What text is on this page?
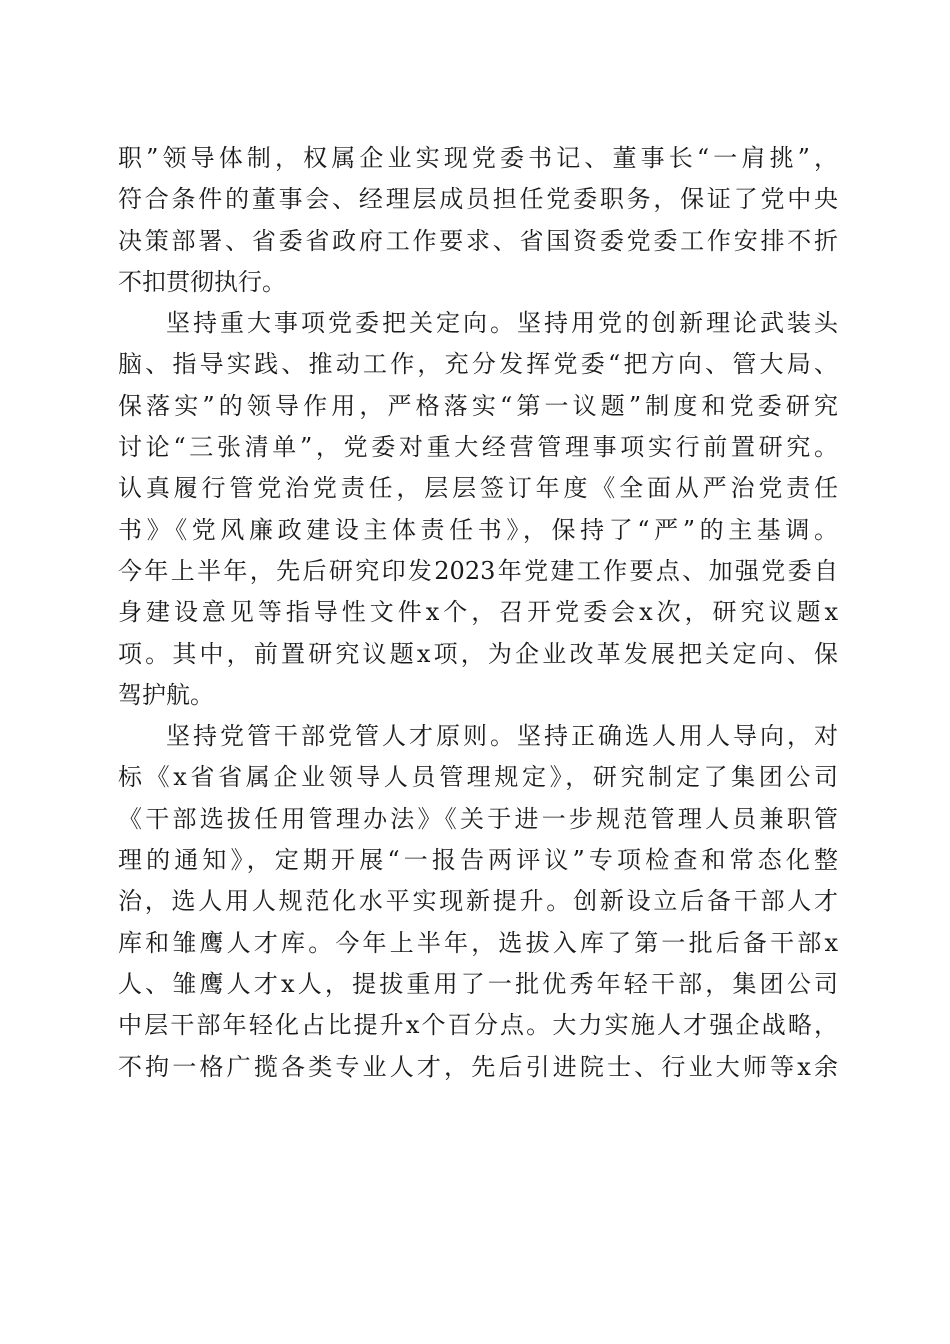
职”领导体制，权属企业实现党委书记、董事长“一肩挑”，
符合条件的董事会、经理层成员担任党委职务，保证了党中央
决策部署、省委省政府工作要求、省国资委党委工作安排不折
不扣贯彻执行。
坚持重大事项党委把关定向。坚持用党的创新理论武装头
脑、指导实践、推动工作，充分发挥党委“把方向、管大局、
保落实”的领导作用，严格落实“第一议题”制度和党委研究
讨论“三张清单”，党委对重大经营管理事项实行前置研究。
认真履行管党治党责任，层层签订年度《全面从严治党责任
书》《党风廉政建设主体责任书》，保持了“严”的主基调。
今年上半年，先后研究印发2023年党建工作要点、加强党委自
身建设意见等指导性文件x个，召开党委会x次，研究议题x
项。其中，前置研究议题x项，为企业改革发展把关定向、保
驾护航。
坚持党管干部党管人才原则。坚持正确选人用人导向，对
标《x省省属企业领导人员管理规定》，研究制定了集团公司
《干部选拔任用管理办法》《关于进一步规范管理人员兼职管
理的通知》，定期开展“一报告两评议”专项检查和常态化整
治，选人用人规范化水平实现新提升。创新设立后备干部人才
库和雏鹰人才库。今年上半年，选拔入库了第一批后备干部x
人、雏鹰人才x人，提拔重用了一批优秀年轻干部，集团公司
中层干部年轻化占比提升x个百分点。大力实施人才强企战略，
不拘一格广揽各类专业人才，先后引进院士、行业大师等x余
